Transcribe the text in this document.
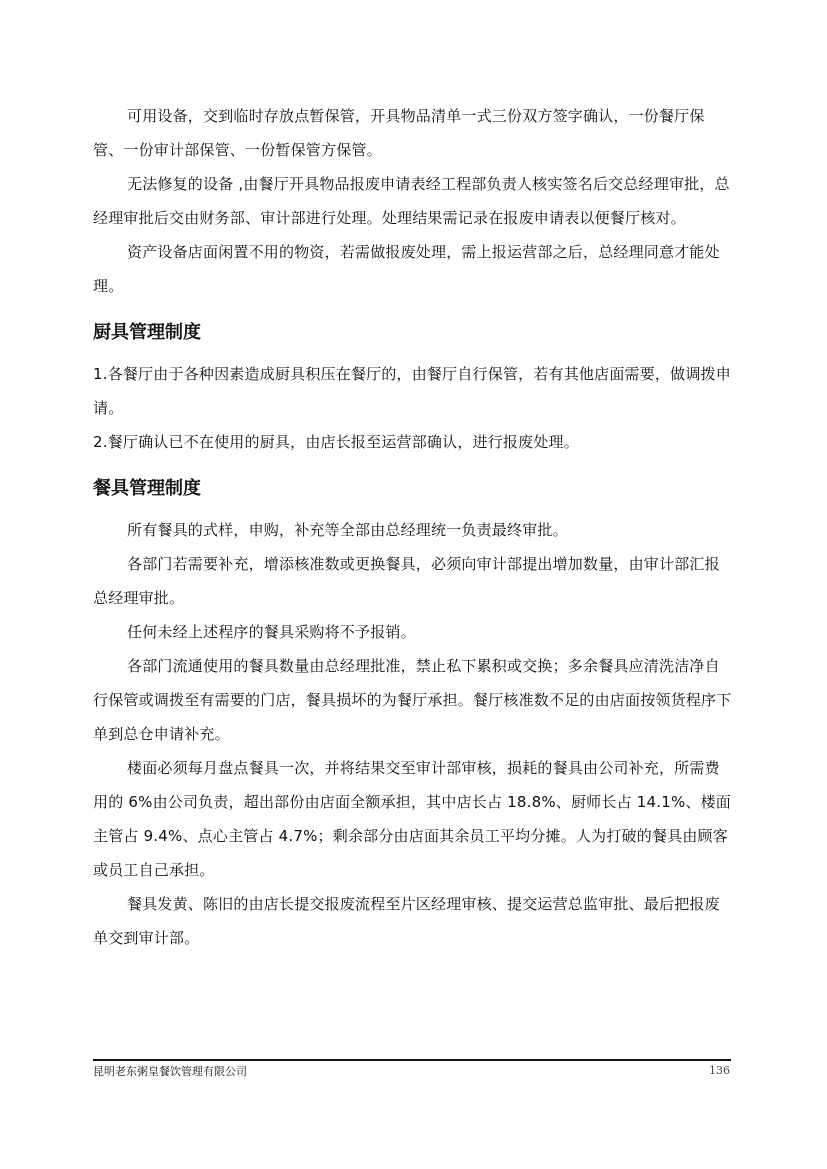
可用设备，交到临时存放点暂保管，开具物品清单一式三份双方签字确认，一份餐厅保管、一份审计部保管、一份暂保管方保管。

无法修复的设备 ,由餐厅开具物品报废申请表经工程部负责人核实签名后交总经理审批，总经理审批后交由财务部、审计部进行处理。处理结果需记录在报废申请表以便餐厅核对。

资产设备店面闲置不用的物资，若需做报废处理，需上报运营部之后，总经理同意才能处理。

厨具管理制度

1.各餐厅由于各种因素造成厨具积压在餐厅的，由餐厅自行保管，若有其他店面需要，做调拨申请。

2.餐厅确认已不在使用的厨具，由店长报至运营部确认，进行报废处理。

餐具管理制度

所有餐具的式样，申购，补充等全部由总经理统一负责最终审批。

各部门若需要补充，增添核准数或更换餐具，必须向审计部提出增加数量，由审计部汇报总经理审批。

任何未经上述程序的餐具采购将不予报销。

各部门流通使用的餐具数量由总经理批准，禁止私下累积或交换；多余餐具应清洗洁净自行保管或调拨至有需要的门店，餐具损坏的为餐厅承担。餐厅核准数不足的由店面按领货程序下单到总仓申请补充。

楼面必须每月盘点餐具一次，并将结果交至审计部审核，损耗的餐具由公司补充，所需费用的 6%由公司负责，超出部份由店面全额承担，其中店长占 18.8%、厨师长占 14.1%、楼面主管占 9.4%、点心主管占 4.7%；剩余部分由店面其余员工平均分摊。人为打破的餐具由顾客或员工自己承担。

餐具发黄、陈旧的由店长提交报废流程至片区经理审核、提交运营总监审批、最后把报废单交到审计部。

昆明老东粥皇餐饮管理有限公司	136
